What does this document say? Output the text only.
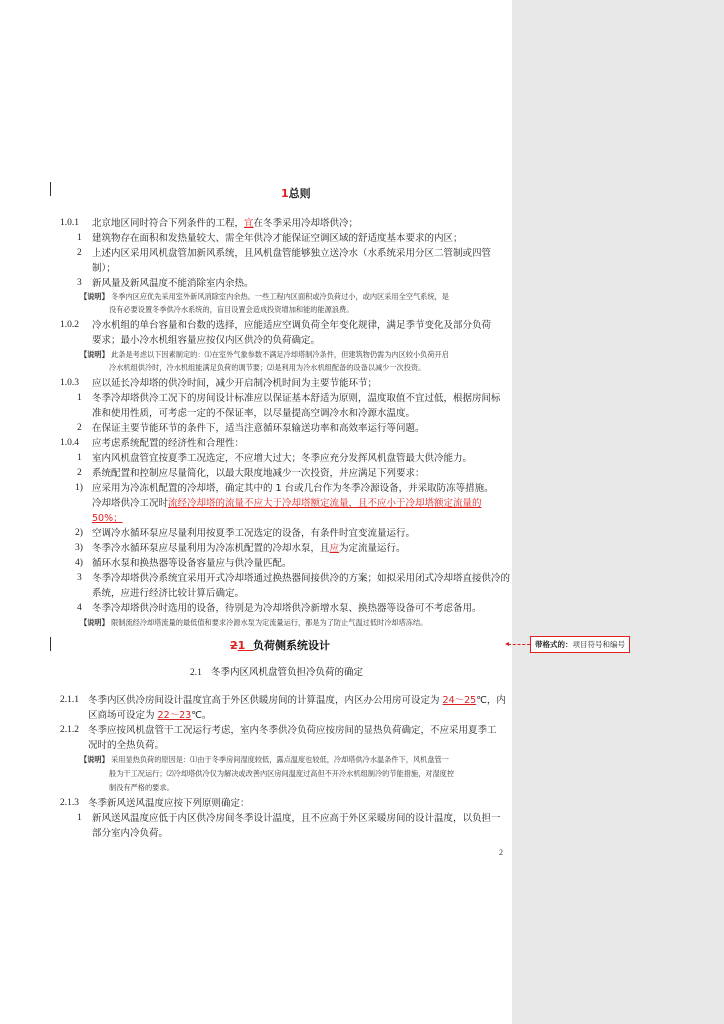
1总则
1.0.1 北京地区同时符合下列条件的工程，宜在冬季采用冷却塔供冷；
1 建筑物存在面积和发热量较大、需全年供冷才能保证空调区域的舒适度基本要求的内区；
2 上述内区采用风机盘管加新风系统，且风机盘管能够独立送冷水（水系统采用分区二管制或四管
制）；
3 新风量及新风温度不能消除室内余热。
【说明】 冬季内区应优先采用室外新风消除室内余热。一些工程内区面积或冷负荷过小，或内区采用全空气系统，是
没有必要设置冬季供冷水系统的，盲目设置会造成投资增加和能的能源浪费。
1.0.2 冷水机组的单台容量和台数的选择，应能适应空调负荷全年变化规律，满足季节变化及部分负荷
要求；最小冷水机组容量应按仅内区供冷的负荷确定。
【说明】 此条是考虑以下因素制定的：⑴在室外气象参数不满足冷却塔制冷条件，但建筑物仍需为内区较小负荷开启
冷水机组供冷时，冷水机组能满足负荷的调节要；⑵是利用为冷水机组配备的设备以减少一次投资。
1.0.3 应以延长冷却塔的供冷时间，减少开启制冷机时间为主要节能环节；
1 冬季冷却塔供冷工况下的房间设计标准应以保证基本舒适为原则，温度取值不宜过低，根据房间标
准和使用性质，可考虑一定的不保证率，以尽量提高空调冷水和冷源水温度。
2 在保证主要节能环节的条件下，适当注意循环泵输送功率和高效率运行等问题。
1.0.4 应考虑系统配置的经济性和合理性：
1 室内风机盘管宜按夏季工况选定，不应增大过大；冬季应充分发挥风机盘管最大供冷能力。
2 系统配置和控制应尽量简化，以最大限度地减少一次投资，并应满足下列要求：
1) 应采用为冷冻机配置的冷却塔，确定其中的 1 台或几台作为冬季冷源设备，并采取防冻等措施。
冷却塔供冷工况时流经冷却塔的流量不应大于冷却塔额定流量，且不应小于冷却塔额定流量的
50%；
2) 空调冷水循环泵应尽量利用按夏季工况选定的设备，有条件时宜变流量运行。
3) 冬季冷水循环泵应尽量利用为冷冻机配置的冷却水泵，且应为定流量运行。
4) 循环水泵和换热器等设备容量应与供冷量匹配。
3 冬季冷却塔供冷系统宜采用开式冷却塔通过换热器间接供冷的方案；如拟采用闭式冷却塔直接供冷的
系统，应进行经济比较计算后确定。
4 冬季冷却塔供冷时选用的设备，待别是为冷却塔供冷新增水泵、换热器等设备可不考虑备用。
【说明】 限制流经冷却塔流量的最低值和要求冷源水泵为定流量运行，都是为了防止气温过低时冷却塔冻结。
21 负荷侧系统设计
2.1 冬季内区风机盘管负担冷负荷的确定
2.1.1 冬季内区供冷房间设计温度宜高于外区供暖房间的计算温度，内区办公用房可设定为 24～25℃，内
区商场可设定为 22～23℃。
2.1.2 冬季应按风机盘管干工况运行考虑，室内冬季供冷负荷应按房间的显热负荷确定，不应采用夏季工
况时的全热负荷。
【说明】 采用显热负荷的原因是：⑴由于冬季房间湿度较低，露点温度也较低，冷却塔供冷水温条件下，风机盘管一
般为干工况运行；⑵冷却塔供冷仅为解决或改善内区房间温度过高但不开冷水机组制冷的节能措施，对湿度控
制没有严格的要求。
2.1.3 冬季新风送风温度应按下列原则确定：
1 新风送风温度应低于内区供冷房间冬季设计温度，且不应高于外区采暖房间的设计温度，以负担一
部分室内冷负荷。
2
带格式的：项目符号和编号
